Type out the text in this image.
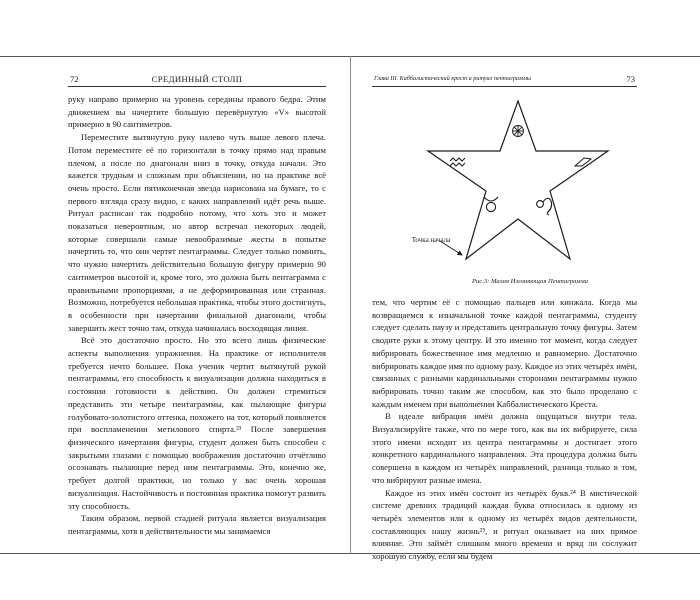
72	СРЕДИННЫЙ СТОЛП

руку направо примерно на уровень середины правого бедра. Этим движением вы начертите большую перевёрнутую «V» высотой примерно в 90 сантиметров.

Переместите вытянутую руку налево чуть выше левого плеча. Потом переместите её по горизонтали в точку прямо над правым плечом, а после по диагонали вниз в точку, откуда начали. Это кажется трудным и сложным при объяснении, но на практике всё очень просто. Если пятиконечная звезда нарисована на бумаге, то с первого взгляда сразу видно, с каких направлений идёт речь выше. Ритуал расписан так подробно потому, что хоть это и может показаться невероятным, но автор встречал некоторых людей, которые совершали самые невообразимые жесты в попытке начертить то, что они чертят пентаграммы. Следует только помнить, что нужно начертить действительно большую фигуру примерно 90 сантиметров высотой и, кроме того, это должна быть пентаграмма с правильными пропорциями, а не деформированная или странная. Возможно, потребуется небольшая практика, чтобы этого достигнуть, в особенности при начертании финальной диагонали, чтобы завершить жест точно там, откуда начиналась восходящая линия.

Всё это достаточно просто. Но это всего лишь физические аспекты выполнения упражнения. На практике от исполнителя требуется нечто большее. Пока ученик чертит вытянутой рукой пентаграммы, его способность к визуализации должна находиться в состоянии готовности к действию. Он должен стремиться представить эти четыре пентаграммы, как пылающие фигуры голубовато-золотистого оттенка, похожего на тот, который появляется при воспламенении метилового спирта.²³ После завершения физического начертания фигуры, студент должен быть способен с закрытыми глазами с помощью воображения достаточно отчётливо осознавать пылающие перед ним пентаграммы. Это, конечно же, требует долгой практики, но только у вас очень хорошая визуализация. Настойчивость и постоянная практика помогут развить эту способность.

Таким образом, первой стадией ритуала является визуализация пентаграммы, хотя в действительности мы занимаемся

Глава III. Каббалистический крест и ритуал пентаграммы	73
Точка начала
Рис.3: Малая Изгоняющая Пентаграмма

тем, что чертим её с помощью пальцев или кинжала. Когда мы возвращаемся к изначальной точке каждой пентаграммы, студенту следует сделать паузу и представить центральную точку фигуры. Затем сводите руки к этому центру. И это именно тот момент, когда следует вибрировать божественное имя медленно и равномерно. Достаточно вибрировать каждое имя по одному разу. Каждое из этих четырёх имён, связанных с разными кардинальными сторонами пентаграммы нужно вибрировать точно таким же способом, как это было проделано с каждым именем при выполнении Каббалистического Креста.

В идеале вибрация имён должна ощущаться внутри тела. Визуализируйте также, что по мере того, как вы их вибрируете, сила этого имени исходит из центра пентаграммы и достигает этого конкретного кардинального направления. Эта процедура должна быть совершена в каждом из четырёх направлений, разница только в том, что вибрируют разные имена.

Каждое из этих имён состоит из четырёх букв.²⁴ В мистической системе древних традиций каждая буква относилась к одному из четырёх элементов или к одному из четырёх видов деятельности, составляющих нашу жизнь²⁵, и ритуал оказывает на них прямое влияние. Это займёт слишком много времени и вряд ли сослужит хорошую службу, если мы будем
